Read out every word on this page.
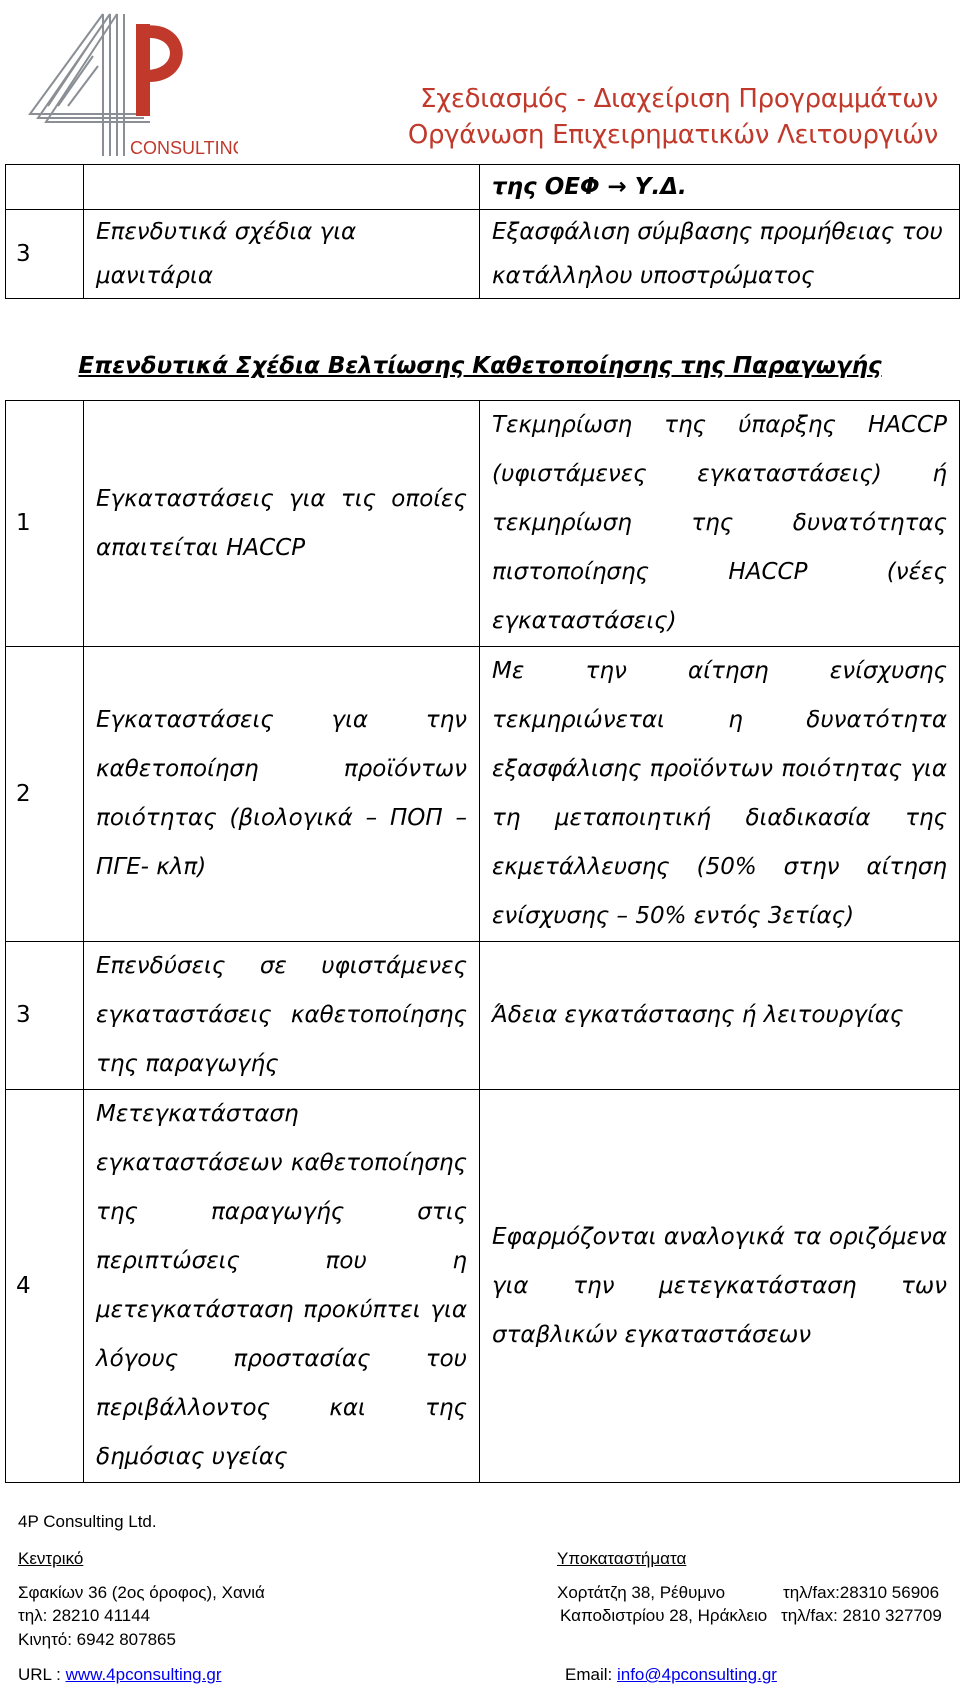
CONSULTING
Σχεδιασμός - Διαχείριση Προγραμμάτων
Οργάνωση Επιχειρηματικών Λειτουργιών
		της ΟΕΦ → Υ.Δ.
3	Επενδυτικά σχέδια για μανιτάρια	Εξασφάλιση σύμβασης προμήθειας του κατάλληλου υποστρώματος
Επενδυτικά Σχέδια Βελτίωσης Καθετοποίησης της Παραγωγής
1	Εγκαταστάσεις για τις οποίες απαιτείται HACCP	Τεκμηρίωση της ύπαρξης HACCP (υφιστάμενες εγκαταστάσεις) ή τεκμηρίωση της δυνατότητας πιστοποίησης HACCP (νέες εγκαταστάσεις)
2	Εγκαταστάσεις για την καθετοποίηση προϊόντων ποιότητας (βιολογικά – ΠΟΠ – ΠΓΕ- κλπ)	Με την αίτηση ενίσχυσης τεκμηριώνεται η δυνατότητα εξασφάλισης προϊόντων ποιότητας για τη μεταποιητική διαδικασία της εκμετάλλευσης (50% στην αίτηση ενίσχυσης – 50% εντός 3ετίας)
3	Επενδύσεις σε υφιστάμενες εγκαταστάσεις καθετοποίησης της παραγωγής	Άδεια εγκατάστασης ή λειτουργίας
4	Μετεγκατάσταση εγκαταστάσεων καθετοποίησης της παραγωγής στις περιπτώσεις που η μετεγκατάσταση προκύπτει για λόγους προστασίας του περιβάλλοντος και της δημόσιας υγείας	Εφαρμόζονται αναλογικά τα οριζόμενα για την μετεγκατάσταση των σταβλικών εγκαταστάσεων
4P Consulting Ltd.
Κεντρικό	Υποκαταστήματα
Σφακίων 36 (2ος όροφος), Χανιά
τηλ: 28210 41144
Κινητό: 6942 807865
Χορτάτζη 38, Ρέθυμνο	τηλ/fax:28310 56906
Καποδιστρίου 28, Ηράκλειο τηλ/fax: 2810 327709
URL : www.4pconsulting.gr	Email: info@4pconsulting.gr
